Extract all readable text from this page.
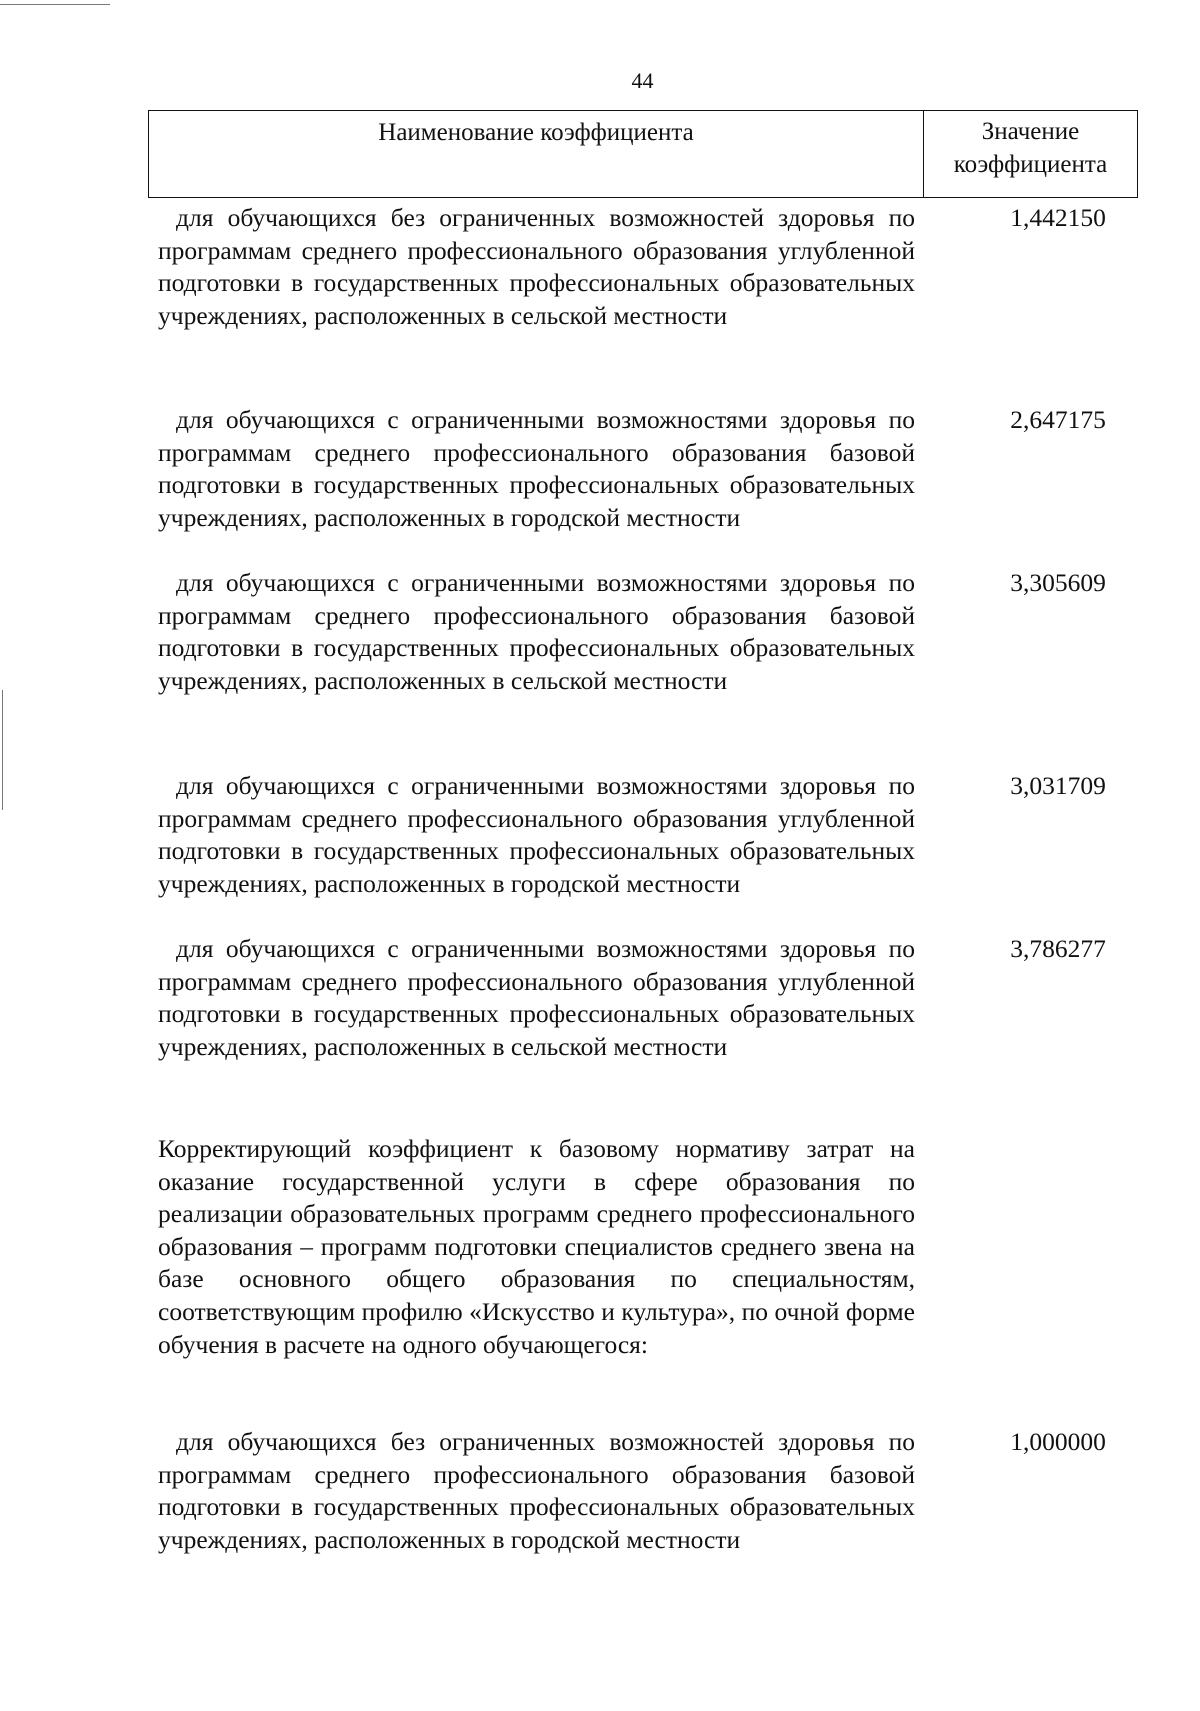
44
Наименование коэффициента	Значение коэффициента
для обучающихся без ограниченных возможностей здоровья по программам среднего профессионального образования углубленной подготовки в государственных профессиональных образовательных учреждениях, расположенных в сельской местности
1,442150
для обучающихся с ограниченными возможностями здоровья по программам среднего профессионального образования базовой подготовки в государственных профессиональных образовательных учреждениях, расположенных в городской местности
2,647175
для обучающихся с ограниченными возможностями здоровья по программам среднего профессионального образования базовой подготовки в государственных профессиональных образовательных учреждениях, расположенных в сельской местности
3,305609
для обучающихся с ограниченными возможностями здоровья по программам среднего профессионального образования углубленной подготовки в государственных профессиональных образовательных учреждениях, расположенных в городской местности
3,031709
для обучающихся с ограниченными возможностями здоровья по программам среднего профессионального образования углубленной подготовки в государственных профессиональных образовательных учреждениях, расположенных в сельской местности
3,786277
Корректирующий коэффициент к базовому нормативу затрат на оказание государственной услуги в сфере образования по реализации образовательных программ среднего профессионального образования – программ подготовки специалистов среднего звена на базе основного общего образования по специальностям, соответствующим профилю «Искусство и культура», по очной форме обучения в расчете на одного обучающегося:
для обучающихся без ограниченных возможностей здоровья по программам среднего профессионального образования базовой подготовки в государственных профессиональных образовательных учреждениях, расположенных в городской местности
1,000000
